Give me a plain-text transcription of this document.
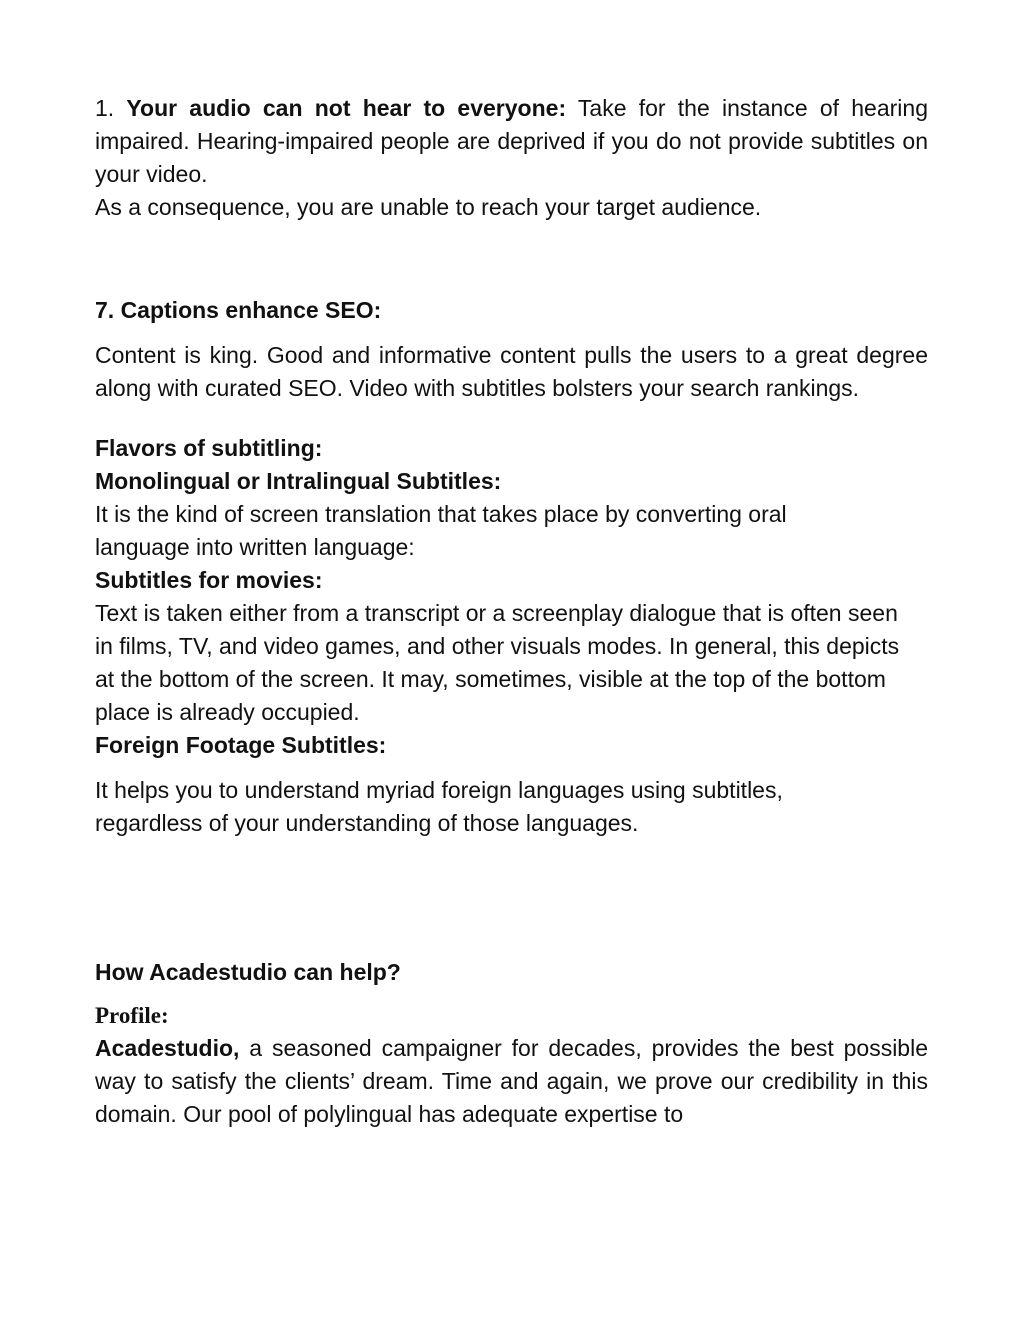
1. Your audio can not hear to everyone: Take for the instance of hearing impaired. Hearing-impaired people are deprived if you do not provide subtitles on your video.

As a consequence, you are unable to reach your target audience.

7. Captions enhance SEO:

Content is king. Good and informative content pulls the users to a great degree along with curated SEO. Video with subtitles bolsters your search rankings.

Flavors of subtitling:

Monolingual or Intralingual Subtitles:

It is the kind of screen translation that takes place by converting oral language into written language:

Subtitles for movies:

Text is taken either from a transcript or a screenplay dialogue that is often seen in films, TV, and video games, and other visuals modes. In general, this depicts at the bottom of the screen. It may, sometimes, visible at the top of the bottom place is already occupied.

Foreign Footage Subtitles:

It helps you to understand myriad foreign languages using subtitles, regardless of your understanding of those languages.

How Acadestudio can help?

Profile:

Acadestudio, a seasoned campaigner for decades, provides the best possible way to satisfy the clients’ dream. Time and again, we prove our credibility in this domain. Our pool of polylingual has adequate expertise to
